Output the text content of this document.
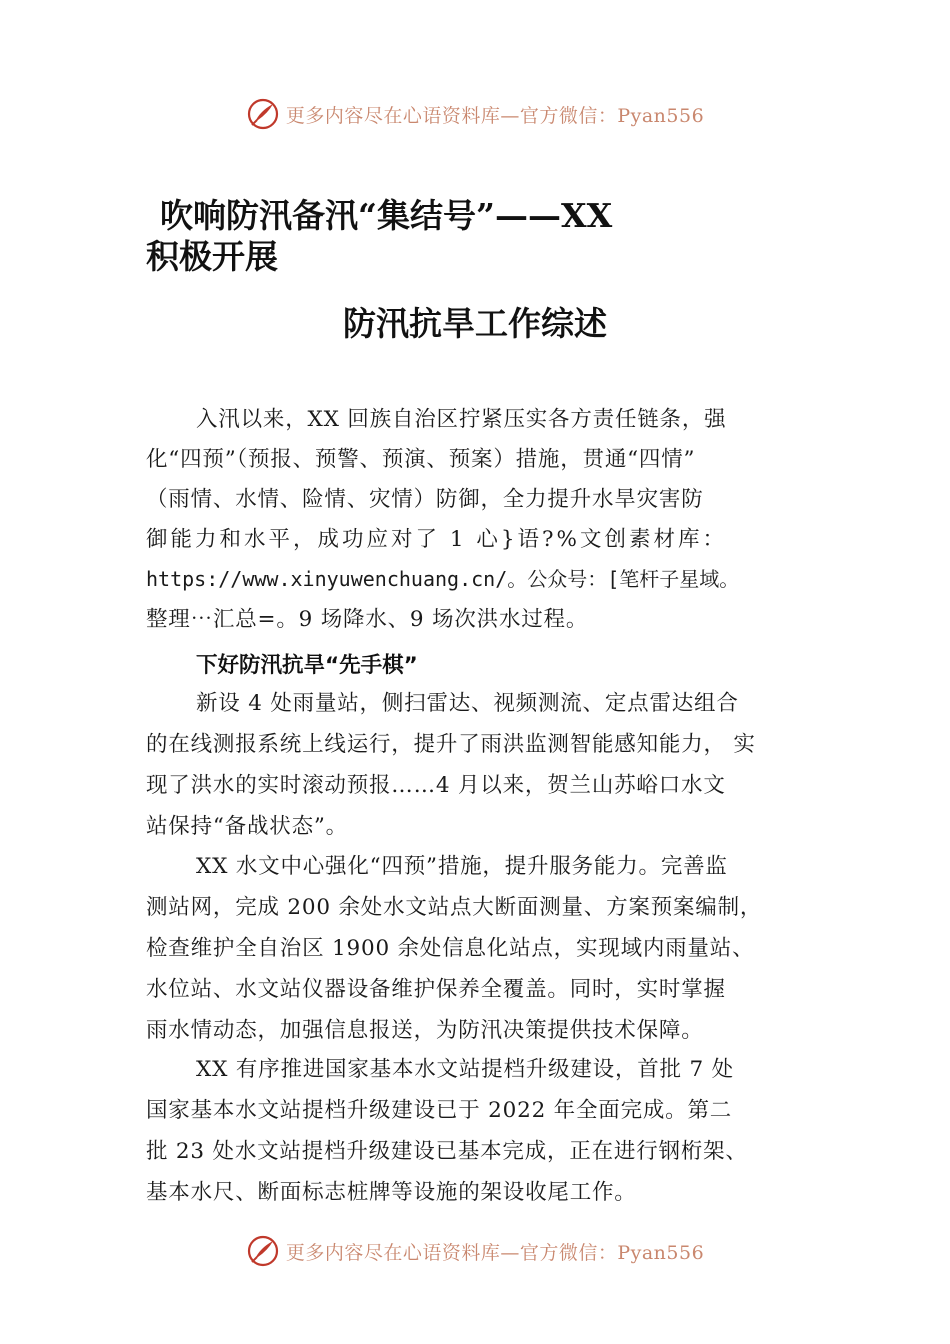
更多内容尽在心语资料库—官方微信：Pyan556
吹响防汛备汛“集结号”——XX
积极开展
防汛抗旱工作综述
入汛以来，XX 回族自治区拧紧压实各方责任链条，强
化“四预”（预报、预警、预演、预案）措施，贯通“四情”
（雨情、水情、险情、灾情）防御，全力提升水旱灾害防
御能力和水平，成功应对了 1 心}语?%文创素材库：
https://www.xinyuwenchuang.cn/。公众号：[笔杆子星域。
整理⋯汇总=。9 场降水、9 场次洪水过程。
下好防汛抗旱“先手棋”
新设 4 处雨量站，侧扫雷达、视频测流、定点雷达组合
的在线测报系统上线运行，提升了雨洪监测智能感知能力， 实
现了洪水的实时滚动预报……4 月以来，贺兰山苏峪口水文
站保持“备战状态”。
XX 水文中心强化“四预”措施，提升服务能力。完善监
测站网，完成 200 余处水文站点大断面测量、方案预案编制，
检查维护全自治区 1900 余处信息化站点，实现域内雨量站、
水位站、水文站仪器设备维护保养全覆盖。同时，实时掌握
雨水情动态，加强信息报送，为防汛决策提供技术保障。
XX 有序推进国家基本水文站提档升级建设，首批 7 处
国家基本水文站提档升级建设已于 2022 年全面完成。第二
批 23 处水文站提档升级建设已基本完成，正在进行钢桁架、
基本水尺、断面标志桩牌等设施的架设收尾工作。
更多内容尽在心语资料库—官方微信：Pyan556
